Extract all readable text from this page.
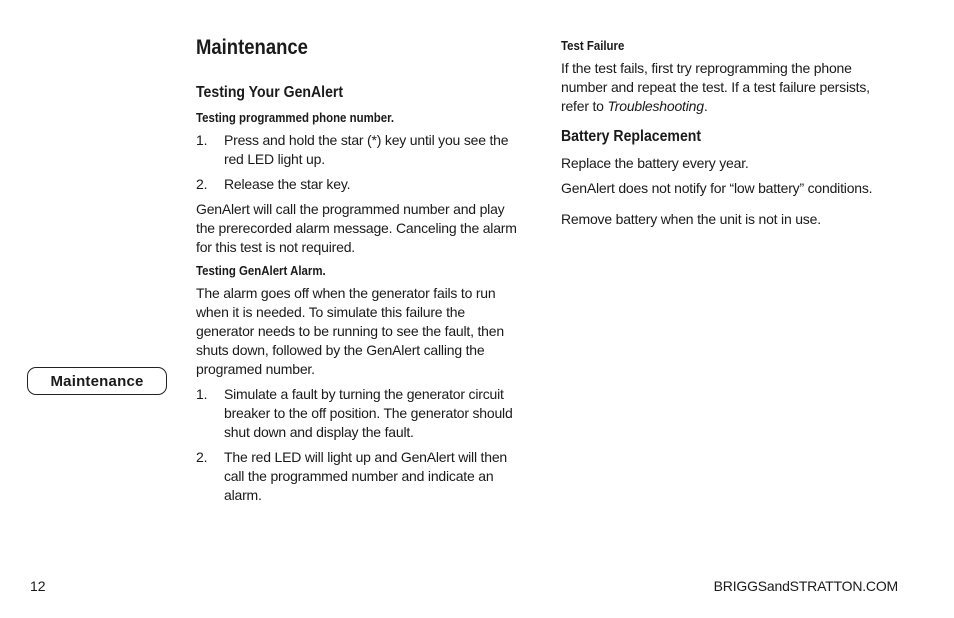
Maintenance
Maintenance
Testing Your GenAlert
Testing programmed phone number.
1.	Press and hold the star (*) key until you see the red LED light up.
2.	Release the star key.

GenAlert will call the programmed number and play the prerecorded alarm message. Canceling the alarm for this test is not required.

Testing GenAlert Alarm.

The alarm goes off when the generator fails to run when it is needed. To simulate this failure the generator needs to be running to see the fault, then shuts down, followed by the GenAlert calling the programed number.

1.	Simulate a fault by turning the generator circuit breaker to the off position. The generator should shut down and display the fault.
2.	The red LED will light up and GenAlert will then call the programmed number and indicate an alarm.
Test Failure

If the test fails, first try reprogramming the phone number and repeat the test. If a test failure persists, refer to Troubleshooting.

Battery Replacement

Replace the battery every year.

GenAlert does not notify for “low battery” conditions.

Remove battery when the unit is not in use.

12	BRIGGSandSTRATTON.COM
